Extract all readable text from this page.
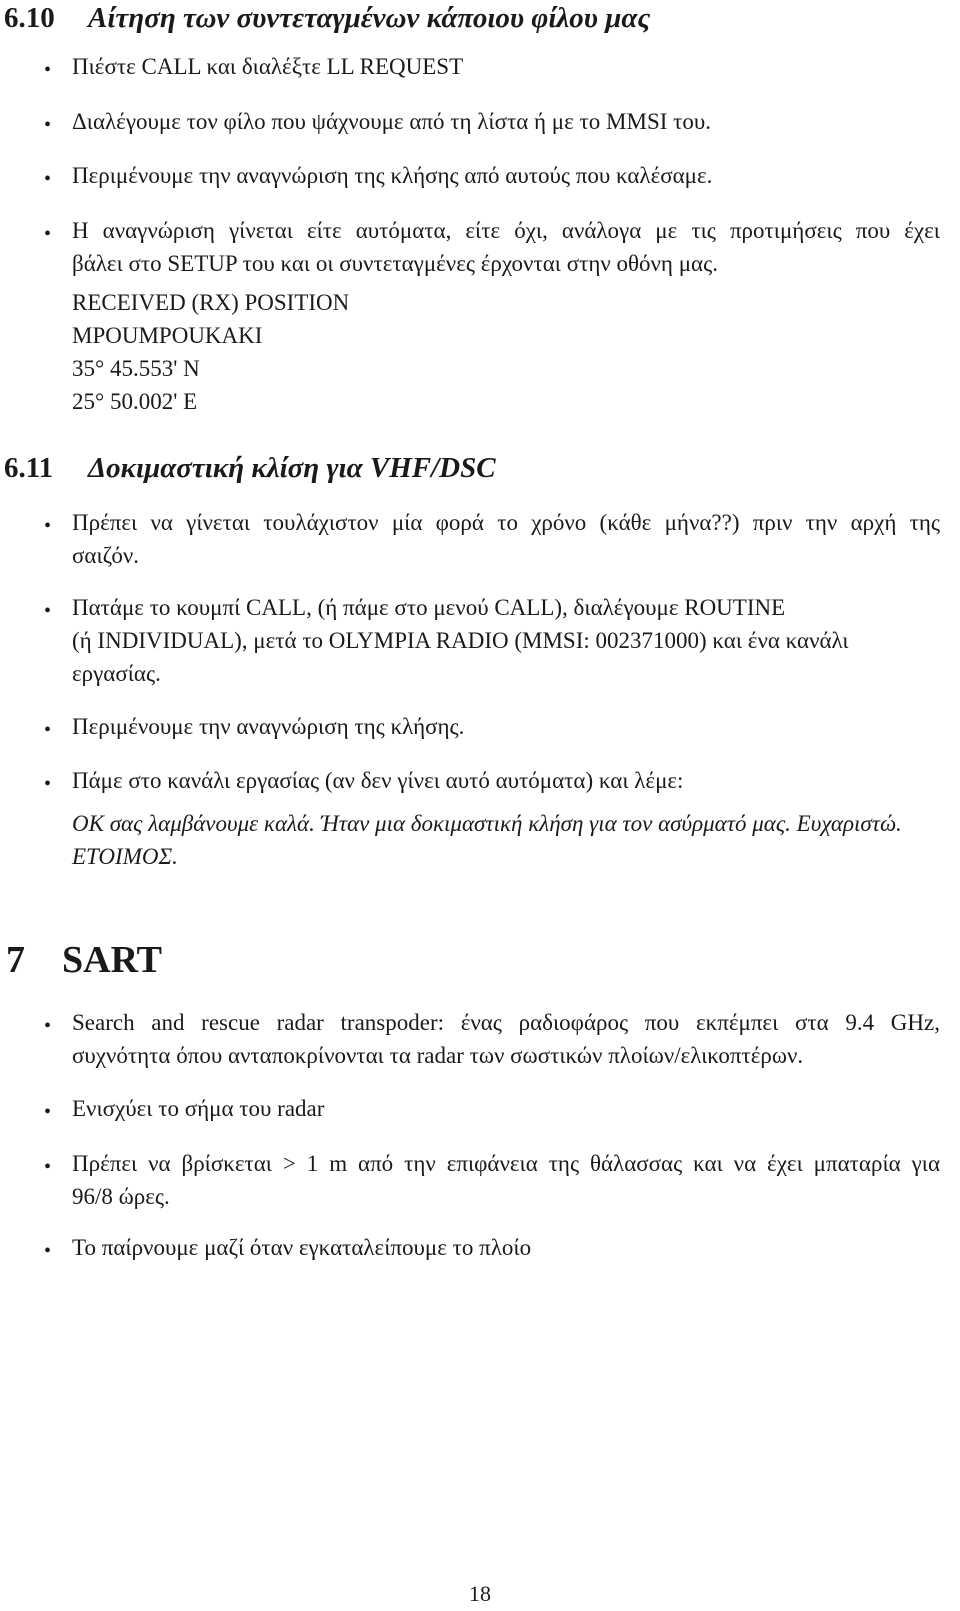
6.10 Αίτηση των συντεταγμένων κάποιου φίλου μας
• Πιέστε CALL και διαλέξτε LL REQUEST
• Διαλέγουμε τον φίλο που ψάχνουμε από τη λίστα ή με το MMSI του.
• Περιμένουμε την αναγνώριση της κλήσης από αυτούς που καλέσαμε.
• Η αναγνώριση γίνεται είτε αυτόματα, είτε όχι, ανάλογα με τις προτιμήσεις που έχει
βάλει στο SETUP του και οι συντεταγμένες έρχονται στην οθόνη μας.
RECEIVED (RX) POSITION
MPOUMPOUKAKI
35° 45.553' N
25° 50.002' E
6.11 Δοκιμαστική κλίση για VHF/DSC
• Πρέπει να γίνεται τουλάχιστον μία φορά το χρόνο (κάθε μήνα??) πριν την αρχή της
σαιζόν.
• Πατάμε το κουμπί CALL, (ή πάμε στο μενού CALL), διαλέγουμε ROUTINE
(ή INDIVIDUAL), μετά το OLYMPIA RADIO (MMSI: 002371000) και ένα κανάλι
εργασίας.
• Περιμένουμε την αναγνώριση της κλήσης.
• Πάμε στο κανάλι εργασίας (αν δεν γίνει αυτό αυτόματα) και λέμε:
OK σας λαμβάνουμε καλά. Ήταν μια δοκιμαστική κλήση για τον ασύρματό μας. Ευχαριστώ.
ΕΤΟΙΜΟΣ.
7 SART
• Search and rescue radar transpoder: ένας ραδιοφάρος που εκπέμπει στα 9.4 GHz,
συχνότητα όπου ανταποκρίνονται τα radar των σωστικών πλοίων/ελικοπτέρων.
• Ενισχύει το σήμα του radar
• Πρέπει να βρίσκεται > 1 m από την επιφάνεια της θάλασσας και να έχει μπαταρία για
96/8 ώρες.
• Το παίρνουμε μαζί όταν εγκαταλείπουμε το πλοίο
18
